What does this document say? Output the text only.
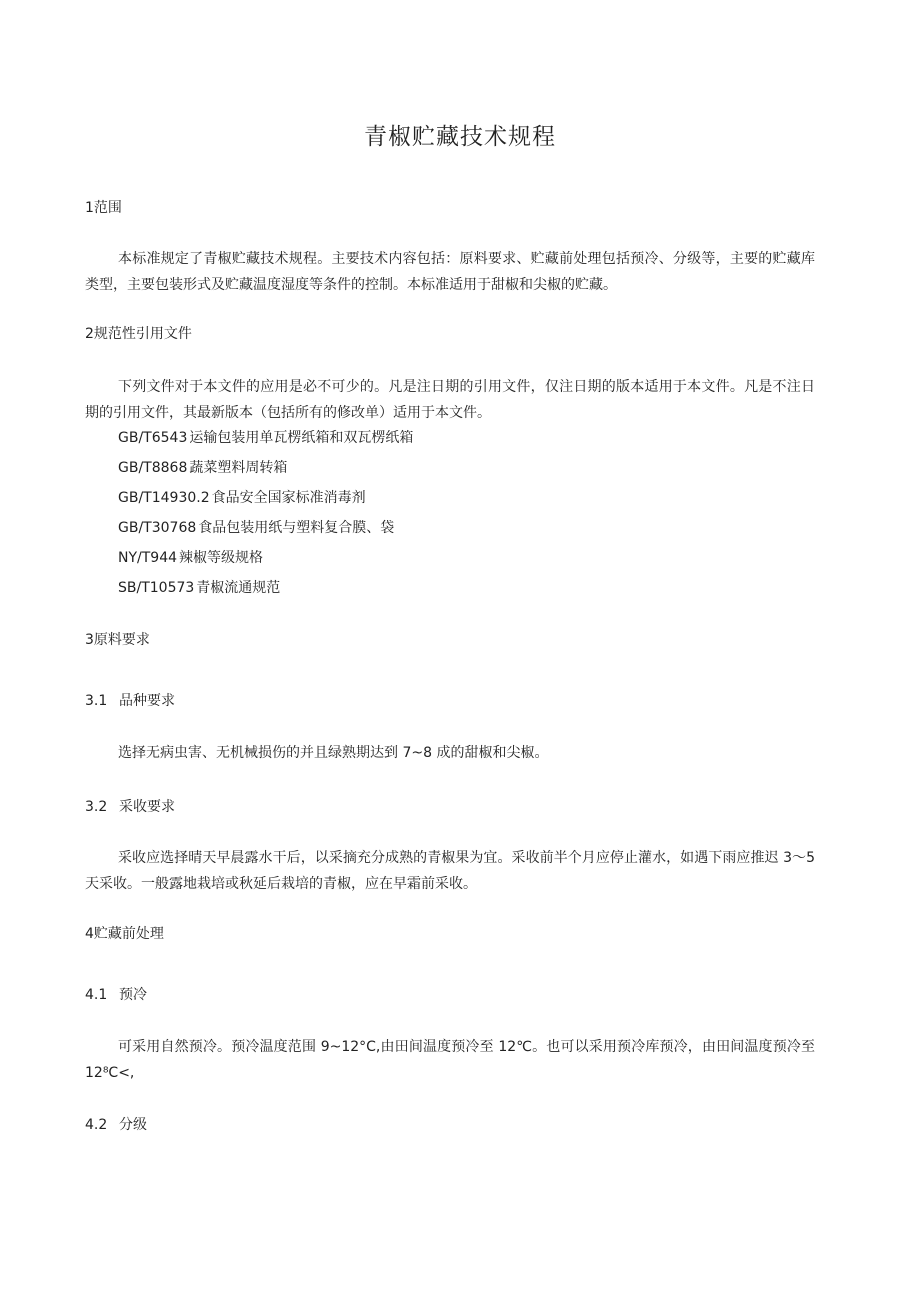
青椒贮藏技术规程
1范围

本标准规定了青椒贮藏技术规程。主要技术内容包括：原料要求、贮藏前处理包括预冷、分级等，主要的贮藏库类型，主要包装形式及贮藏温度湿度等条件的控制。本标准适用于甜椒和尖椒的贮藏。

2规范性引用文件

下列文件对于本文件的应用是必不可少的。凡是注日期的引用文件，仅注日期的版本适用于本文件。凡是不注日期的引用文件，其最新版本（包括所有的修改单）适用于本文件。

GB/T6543 运输包装用单瓦楞纸箱和双瓦楞纸箱
GB/T8868 蔬菜塑料周转箱
GB/T14930.2 食品安全国家标准消毒剂
GB/T30768 食品包装用纸与塑料复合膜、袋
NY/T944 辣椒等级规格
SB/T10573 青椒流通规范
3原料要求
3.1 品种要求

选择无病虫害、无机械损伤的并且绿熟期达到 7~8 成的甜椒和尖椒。

3.2 采收要求

采收应选择晴天早晨露水干后，以采摘充分成熟的青椒果为宜。采收前半个月应停止灌水，如遇下雨应推迟 3～5 天采收。一般露地栽培或秋延后栽培的青椒，应在早霜前采收。

4贮藏前处理
4.1 预冷

可采用自然预冷。预冷温度范围 9~12°C,由田间温度预冷至 12℃。也可以采用预冷库预冷，由田间温度预冷至 12⁸C<,

4.2 分级
